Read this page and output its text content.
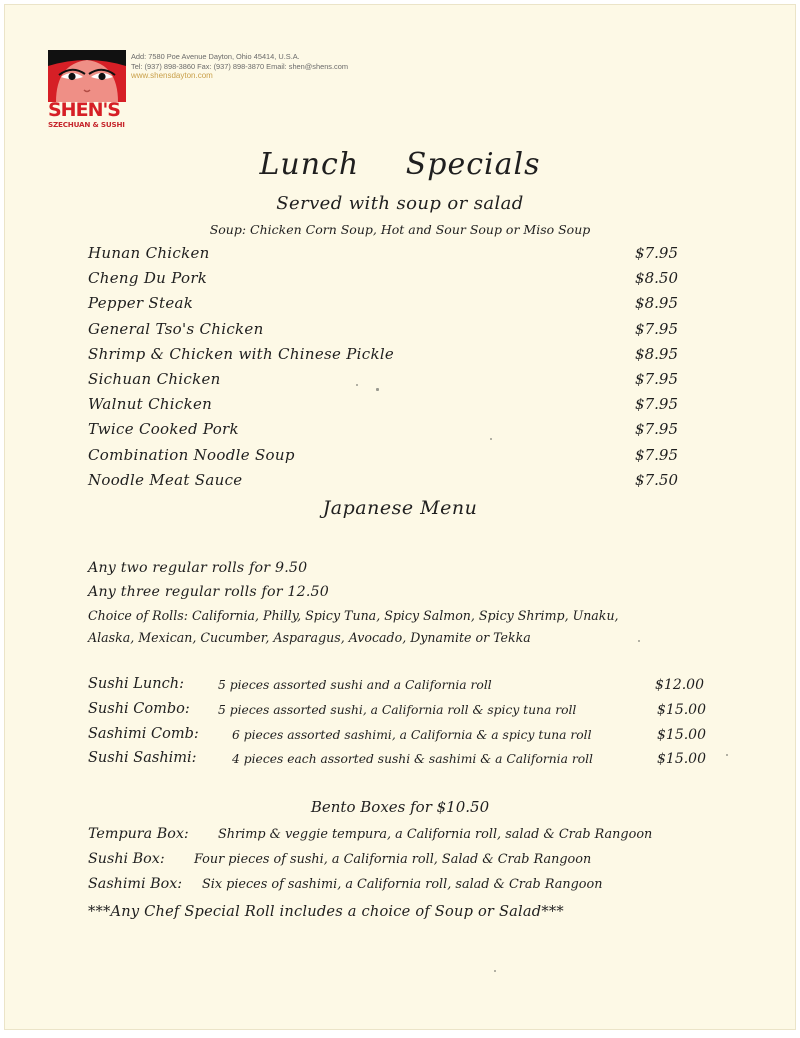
SHEN'S
SZECHUAN & SUSHI
Add: 7580 Poe Avenue Dayton, Ohio 45414, U.S.A.
Tel: (937) 898-3860 Fax: (937) 898-3870 Email: shen@shens.com
www.shensdayton.com
Lunch Specials
Served with soup or salad
Soup: Chicken Corn Soup, Hot and Sour Soup or Miso Soup
Hunan Chicken	$7.95
Cheng Du Pork	$8.50
Pepper Steak	$8.95
General Tso's Chicken	$7.95
Shrimp & Chicken with Chinese Pickle	$8.95
Sichuan Chicken	$7.95
Walnut Chicken	$7.95
Twice Cooked Pork	$7.95
Combination Noodle Soup	$7.95
Noodle Meat Sauce	$7.50
Japanese Menu
Any two regular rolls for 9.50
Any three regular rolls for 12.50
Choice of Rolls: California, Philly, Spicy Tuna, Spicy Salmon, Spicy Shrimp, Unaku,
Alaska, Mexican, Cucumber, Asparagus, Avocado, Dynamite or Tekka
Sushi Lunch:	5 pieces assorted sushi and a California roll	$12.00
Sushi Combo: 5 pieces assorted sushi, a California roll & spicy tuna roll	$15.00
Sashimi Comb:	6 pieces assorted sashimi, a California & a spicy tuna roll	$15.00
Sushi Sashimi:	4 pieces each assorted sushi & sashimi & a California roll	$15.00
Bento Boxes for $10.50
Tempura Box: Shrimp & veggie tempura, a California roll, salad & Crab Rangoon
Sushi Box: Four pieces of sushi, a California roll, Salad & Crab Rangoon
Sashimi Box: Six pieces of sashimi, a California roll, salad & Crab Rangoon
***Any Chef Special Roll includes a choice of Soup or Salad***
